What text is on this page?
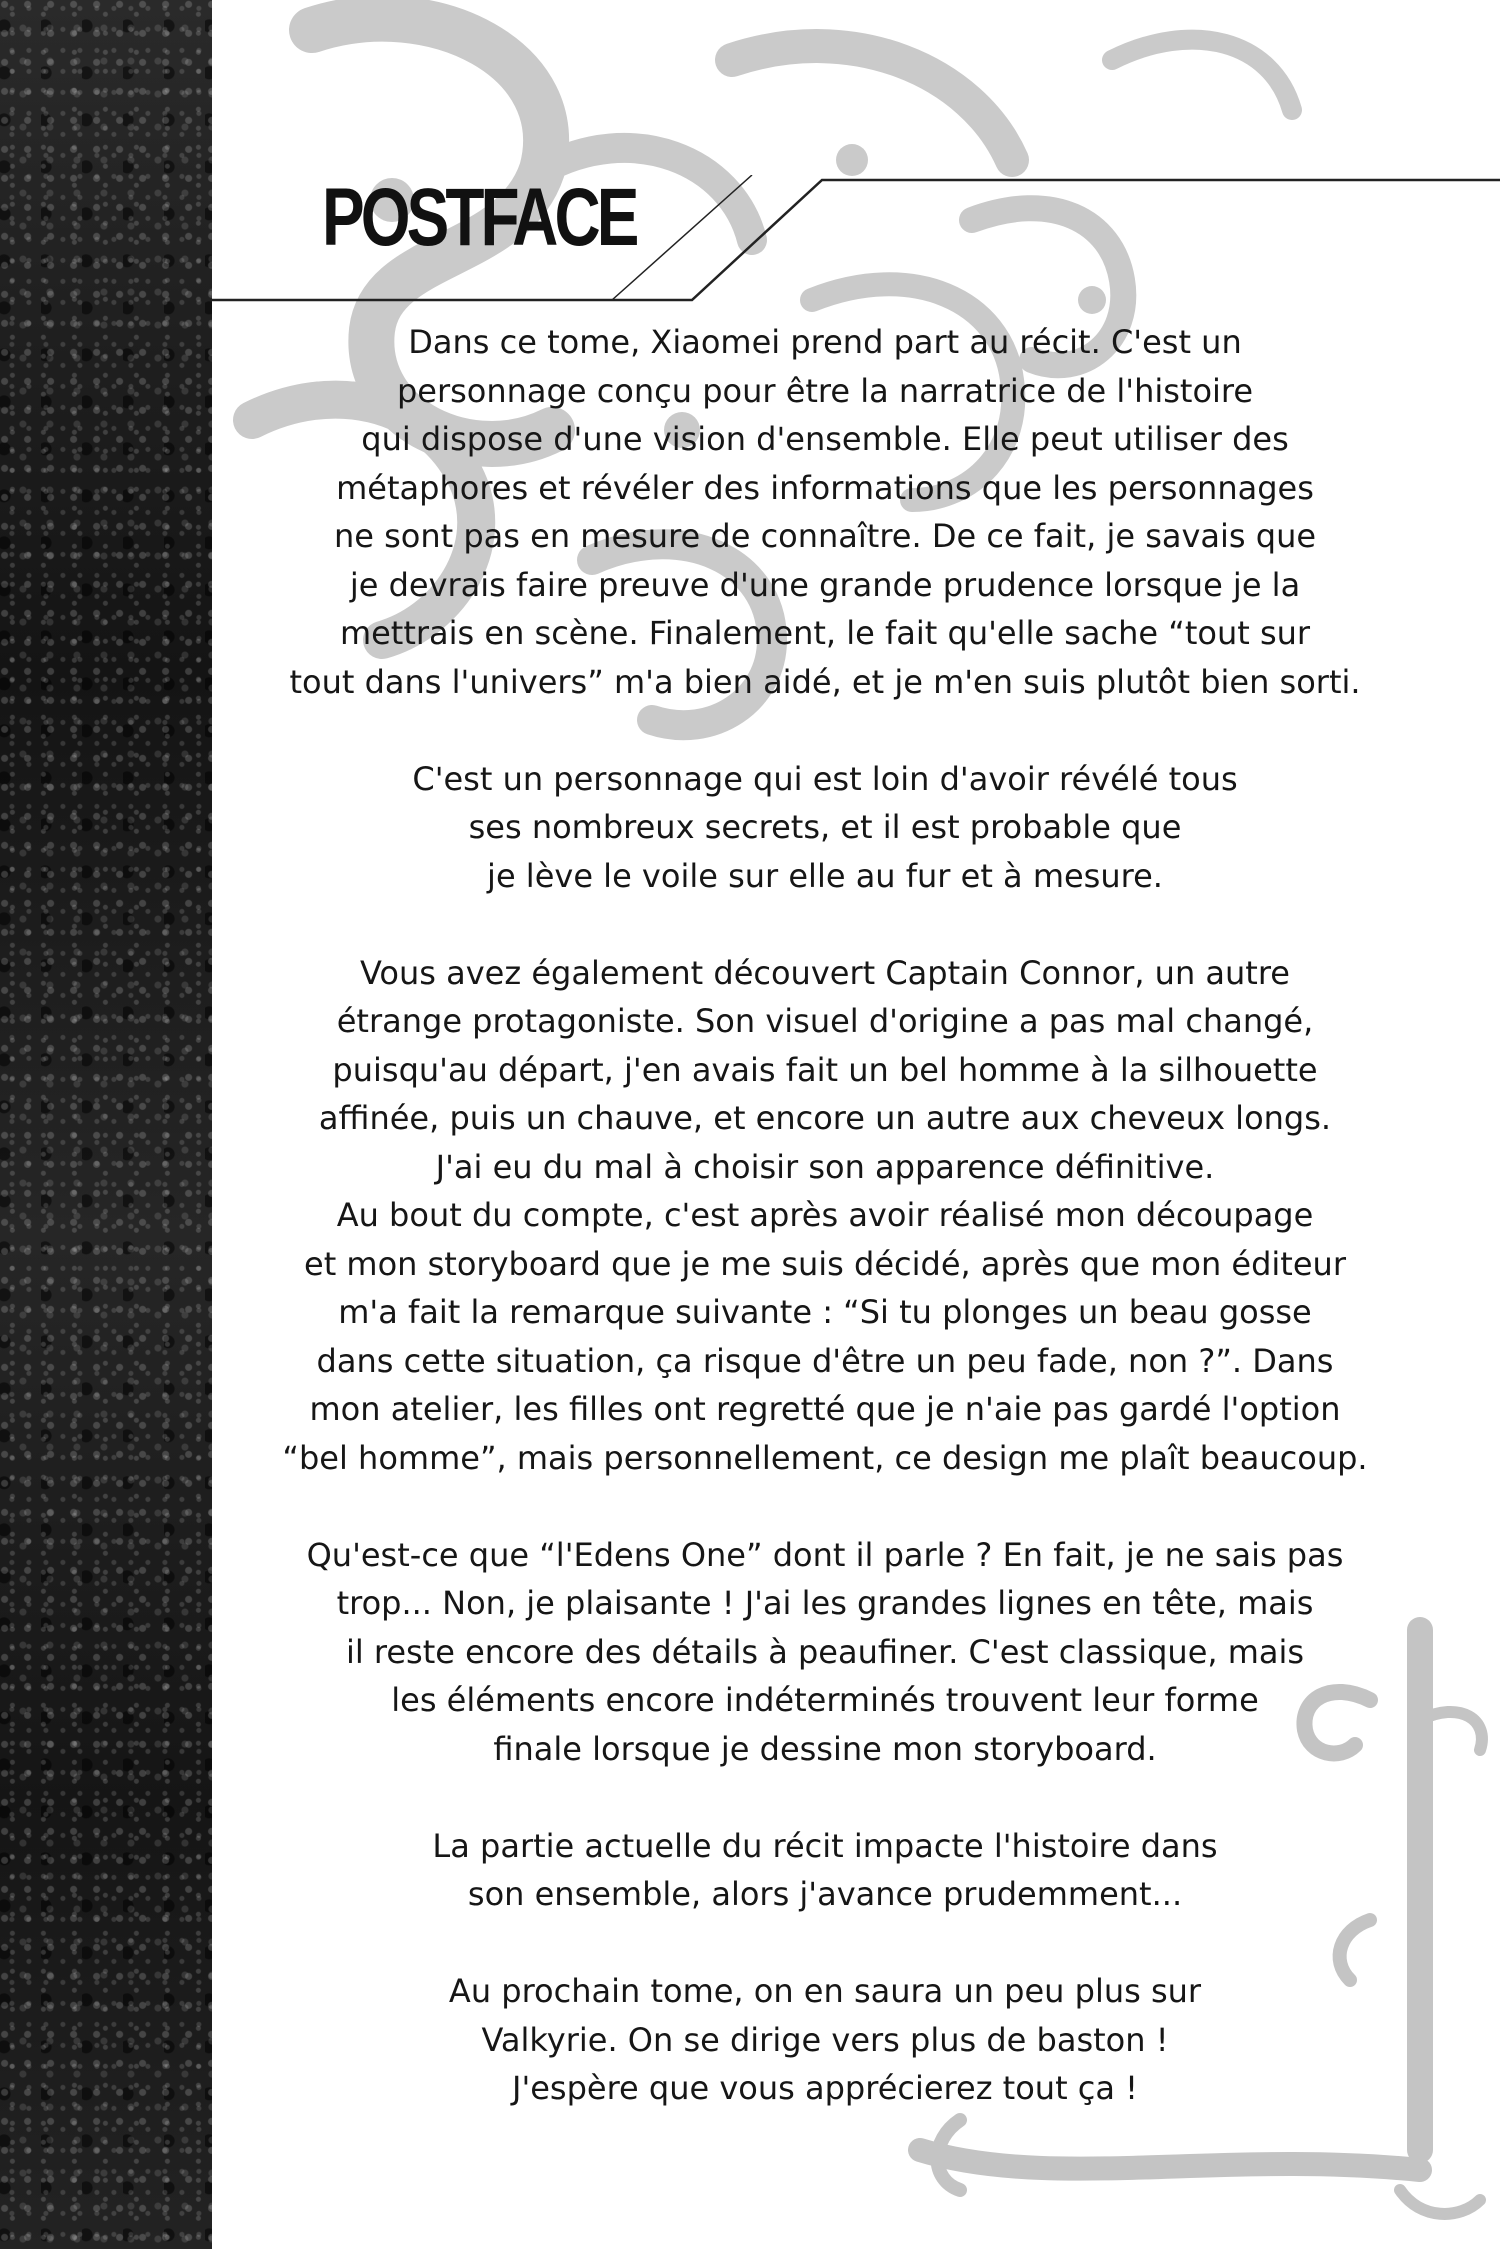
POSTFACE

Dans ce tome, Xiaomei prend part au récit. C'est un
personnage conçu pour être la narratrice de l'histoire
qui dispose d'une vision d'ensemble. Elle peut utiliser des
métaphores et révéler des informations que les personnages
ne sont pas en mesure de connaître. De ce fait, je savais que
je devrais faire preuve d'une grande prudence lorsque je la
mettrais en scène. Finalement, le fait qu'elle sache “tout sur
tout dans l'univers” m'a bien aidé, et je m'en suis plutôt bien sorti.

C'est un personnage qui est loin d'avoir révélé tous
ses nombreux secrets, et il est probable que
je lève le voile sur elle au fur et à mesure.

Vous avez également découvert Captain Connor, un autre
étrange protagoniste. Son visuel d'origine a pas mal changé,
puisqu'au départ, j'en avais fait un bel homme à la silhouette
affinée, puis un chauve, et encore un autre aux cheveux longs.
J'ai eu du mal à choisir son apparence définitive.
Au bout du compte, c'est après avoir réalisé mon découpage
et mon storyboard que je me suis décidé, après que mon éditeur
m'a fait la remarque suivante : “Si tu plonges un beau gosse
dans cette situation, ça risque d'être un peu fade, non ?”. Dans
mon atelier, les filles ont regretté que je n'aie pas gardé l'option
“bel homme”, mais personnellement, ce design me plaît beaucoup.

Qu'est-ce que “l'Edens One” dont il parle ? En fait, je ne sais pas
trop... Non, je plaisante ! J'ai les grandes lignes en tête, mais
il reste encore des détails à peaufiner. C'est classique, mais
les éléments encore indéterminés trouvent leur forme
finale lorsque je dessine mon storyboard.

La partie actuelle du récit impacte l'histoire dans
son ensemble, alors j'avance prudemment...

Au prochain tome, on en saura un peu plus sur
Valkyrie. On se dirige vers plus de baston !
J'espère que vous apprécierez tout ça !
